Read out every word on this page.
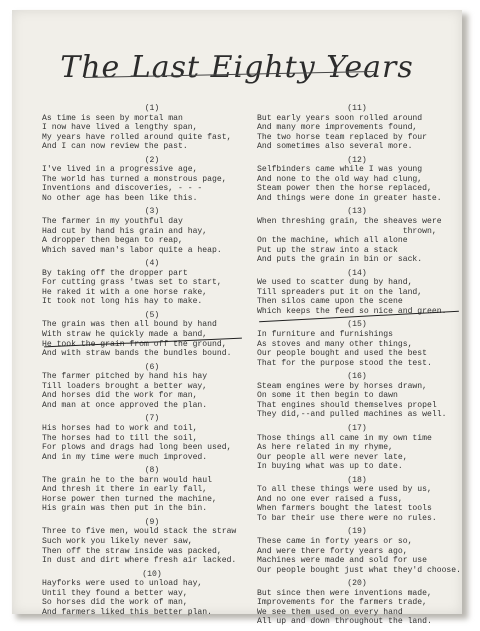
The Last Eighty Years
(1)
As time is seen by mortal man
I now have lived a lengthy span,
My years have rolled around quite fast,
And I can now review the past.
(2)
I've lived in a progressive age,
The world has turned a monstrous page,
Inventions and discoveries, - - -
No other age has been like this.
(3)
The farmer in my youthful day
Had cut by hand his grain and hay,
A dropper then began to reap,
Which saved man's labor quite a heap.
(4)
By taking off the dropper part
For cutting grass 'twas set to start,
He raked it with a one horse rake,
It took not long his hay to make.
(5)
The grain was then all bound by hand
With straw he quickly made a band,
He took the grain from off the ground,
And with straw bands the bundles bound.
(6)
The farmer pitched by hand his hay
Till loaders brought a better way,
And horses did the work for man,
And man at once approved the plan.
(7)
His horses had to work and toil,
The horses had to till the soil,
For plows and drags had long been used,
And in my time were much improved.
(8)
The grain he to the barn would haul
And thresh it there in early fall,
Horse power then turned the machine,
His grain was then put in the bin.
(9)
Three to five men, would stack the straw
Such work you likely never saw,
Then off the straw inside was packed,
In dust and dirt where fresh air lacked.
(10)
Hayforks were used to unload hay,
Until they found a better way,
So horses did the work of man,
And farmers liked this better plan.
(11)
But early years soon rolled around
And many more improvements found,
The two horse team replaced by four
And sometimes also several more.
(12)
Selfbinders came while I was young
And none to the old way had clung,
Steam power then the horse replaced,
And things were done in greater haste.
(13)
When threshing grain, the sheaves were
thrown,
On the machine, which all alone
Put up the straw into a stack
And puts the grain in bin or sack.
(14)
We used to scatter dung by hand,
Till spreaders put it on the land,
Then silos came upon the scene
Which keeps the feed so nice and green.
(15)
In furniture and furnishings
As stoves and many other things,
Our people bought and used the best
That for the purpose stood the test.
(16)
Steam engines were by horses drawn,
On some it then begin to dawn
That engines should themselves propel
They did,--and pulled machines as well.
(17)
Those things all came in my own time
As here related in my rhyme,
Our people all were never late,
In buying what was up to date.
(18)
To all these things were used by us,
And no one ever raised a fuss,
When farmers bought the latest tools
To bar their use there were no rules.
(19)
These came in forty years or so,
And were there forty years ago,
Machines were made and sold for use
Our people bought just what they'd choose.
(20)
But since then were inventions made,
Improvements for the farmers trade,
We see them used on every hand
All up and down throughout the land.
